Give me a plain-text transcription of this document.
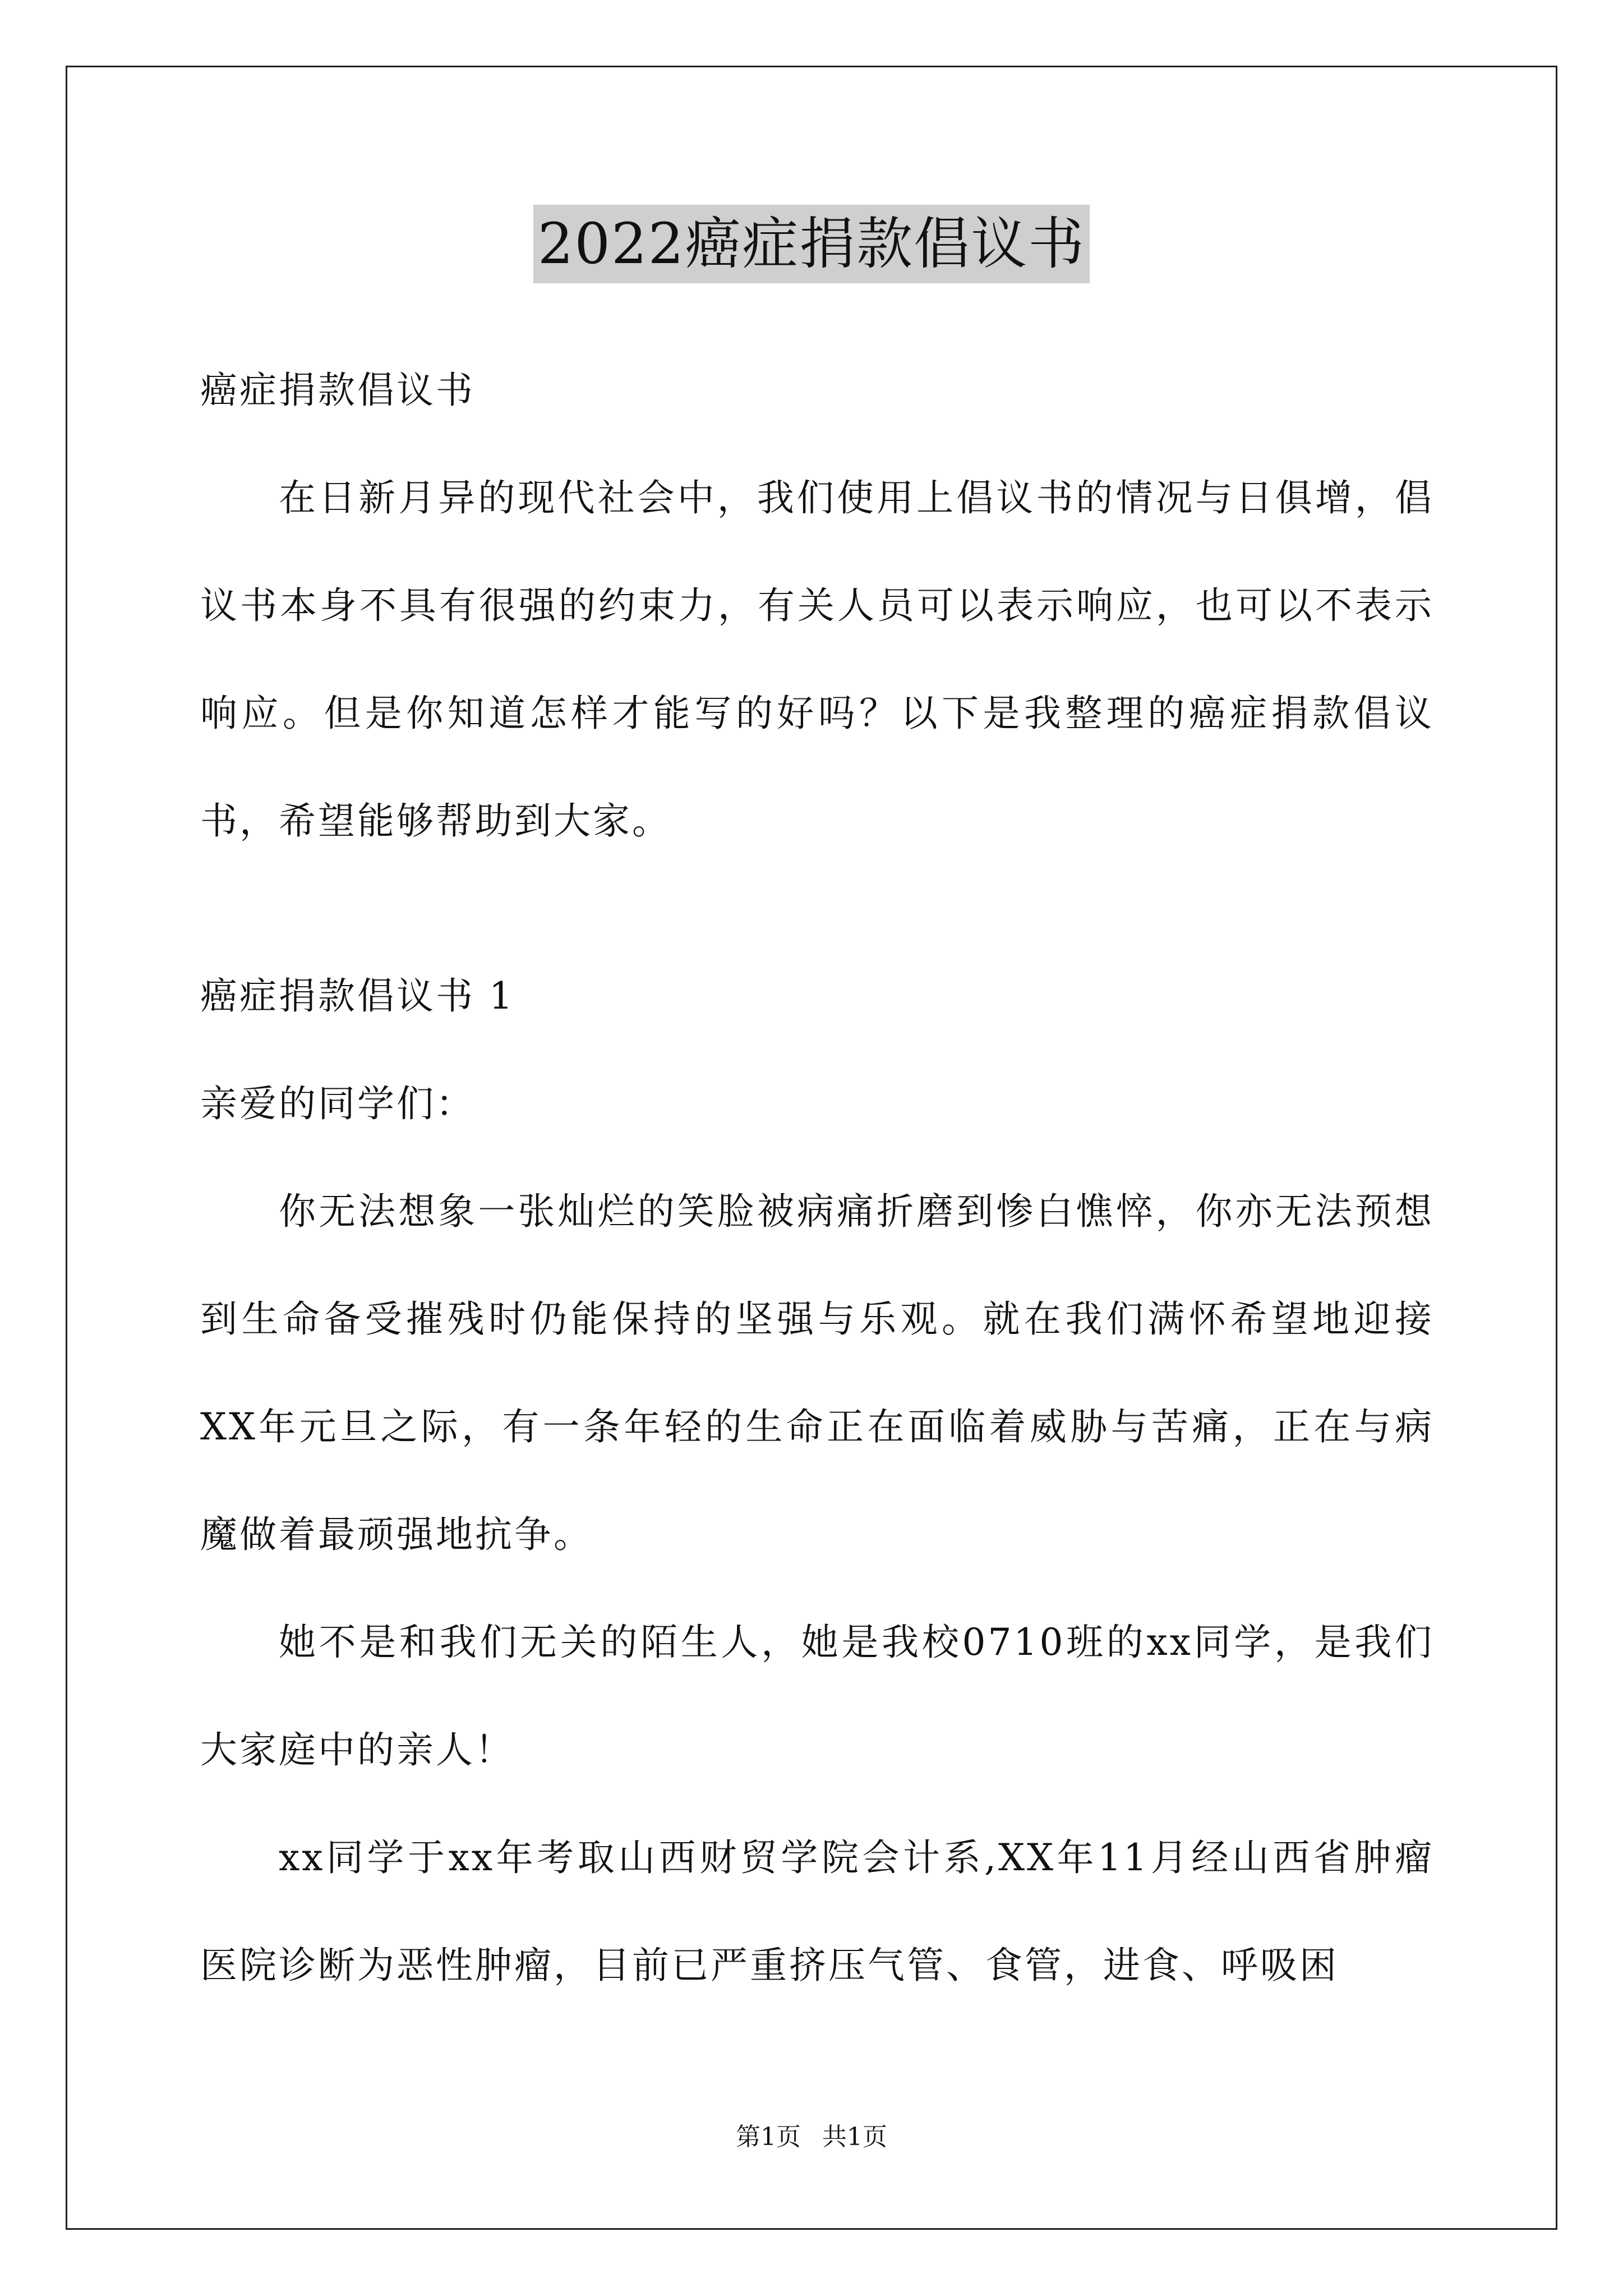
2022癌症捐款倡议书

癌症捐款倡议书

在日新月异的现代社会中，我们使用上倡议书的情况与日俱增，倡议书本身不具有很强的约束力，有关人员可以表示响应，也可以不表示响应。但是你知道怎样才能写的好吗？以下是我整理的癌症捐款倡议书，希望能够帮助到大家。

癌症捐款倡议书 1

亲爱的同学们：

你无法想象一张灿烂的笑脸被病痛折磨到惨白憔悴，你亦无法预想到生命备受摧残时仍能保持的坚强与乐观。就在我们满怀希望地迎接XX年元旦之际，有一条年轻的生命正在面临着威胁与苦痛，正在与病魔做着最顽强地抗争。

她不是和我们无关的陌生人，她是我校0710班的xx同学，是我们大家庭中的亲人！

xx同学于xx年考取山西财贸学院会计系,XX年11月经山西省肿瘤医院诊断为恶性肿瘤，目前已严重挤压气管、食管，进食、呼吸困

第1页 共1页
